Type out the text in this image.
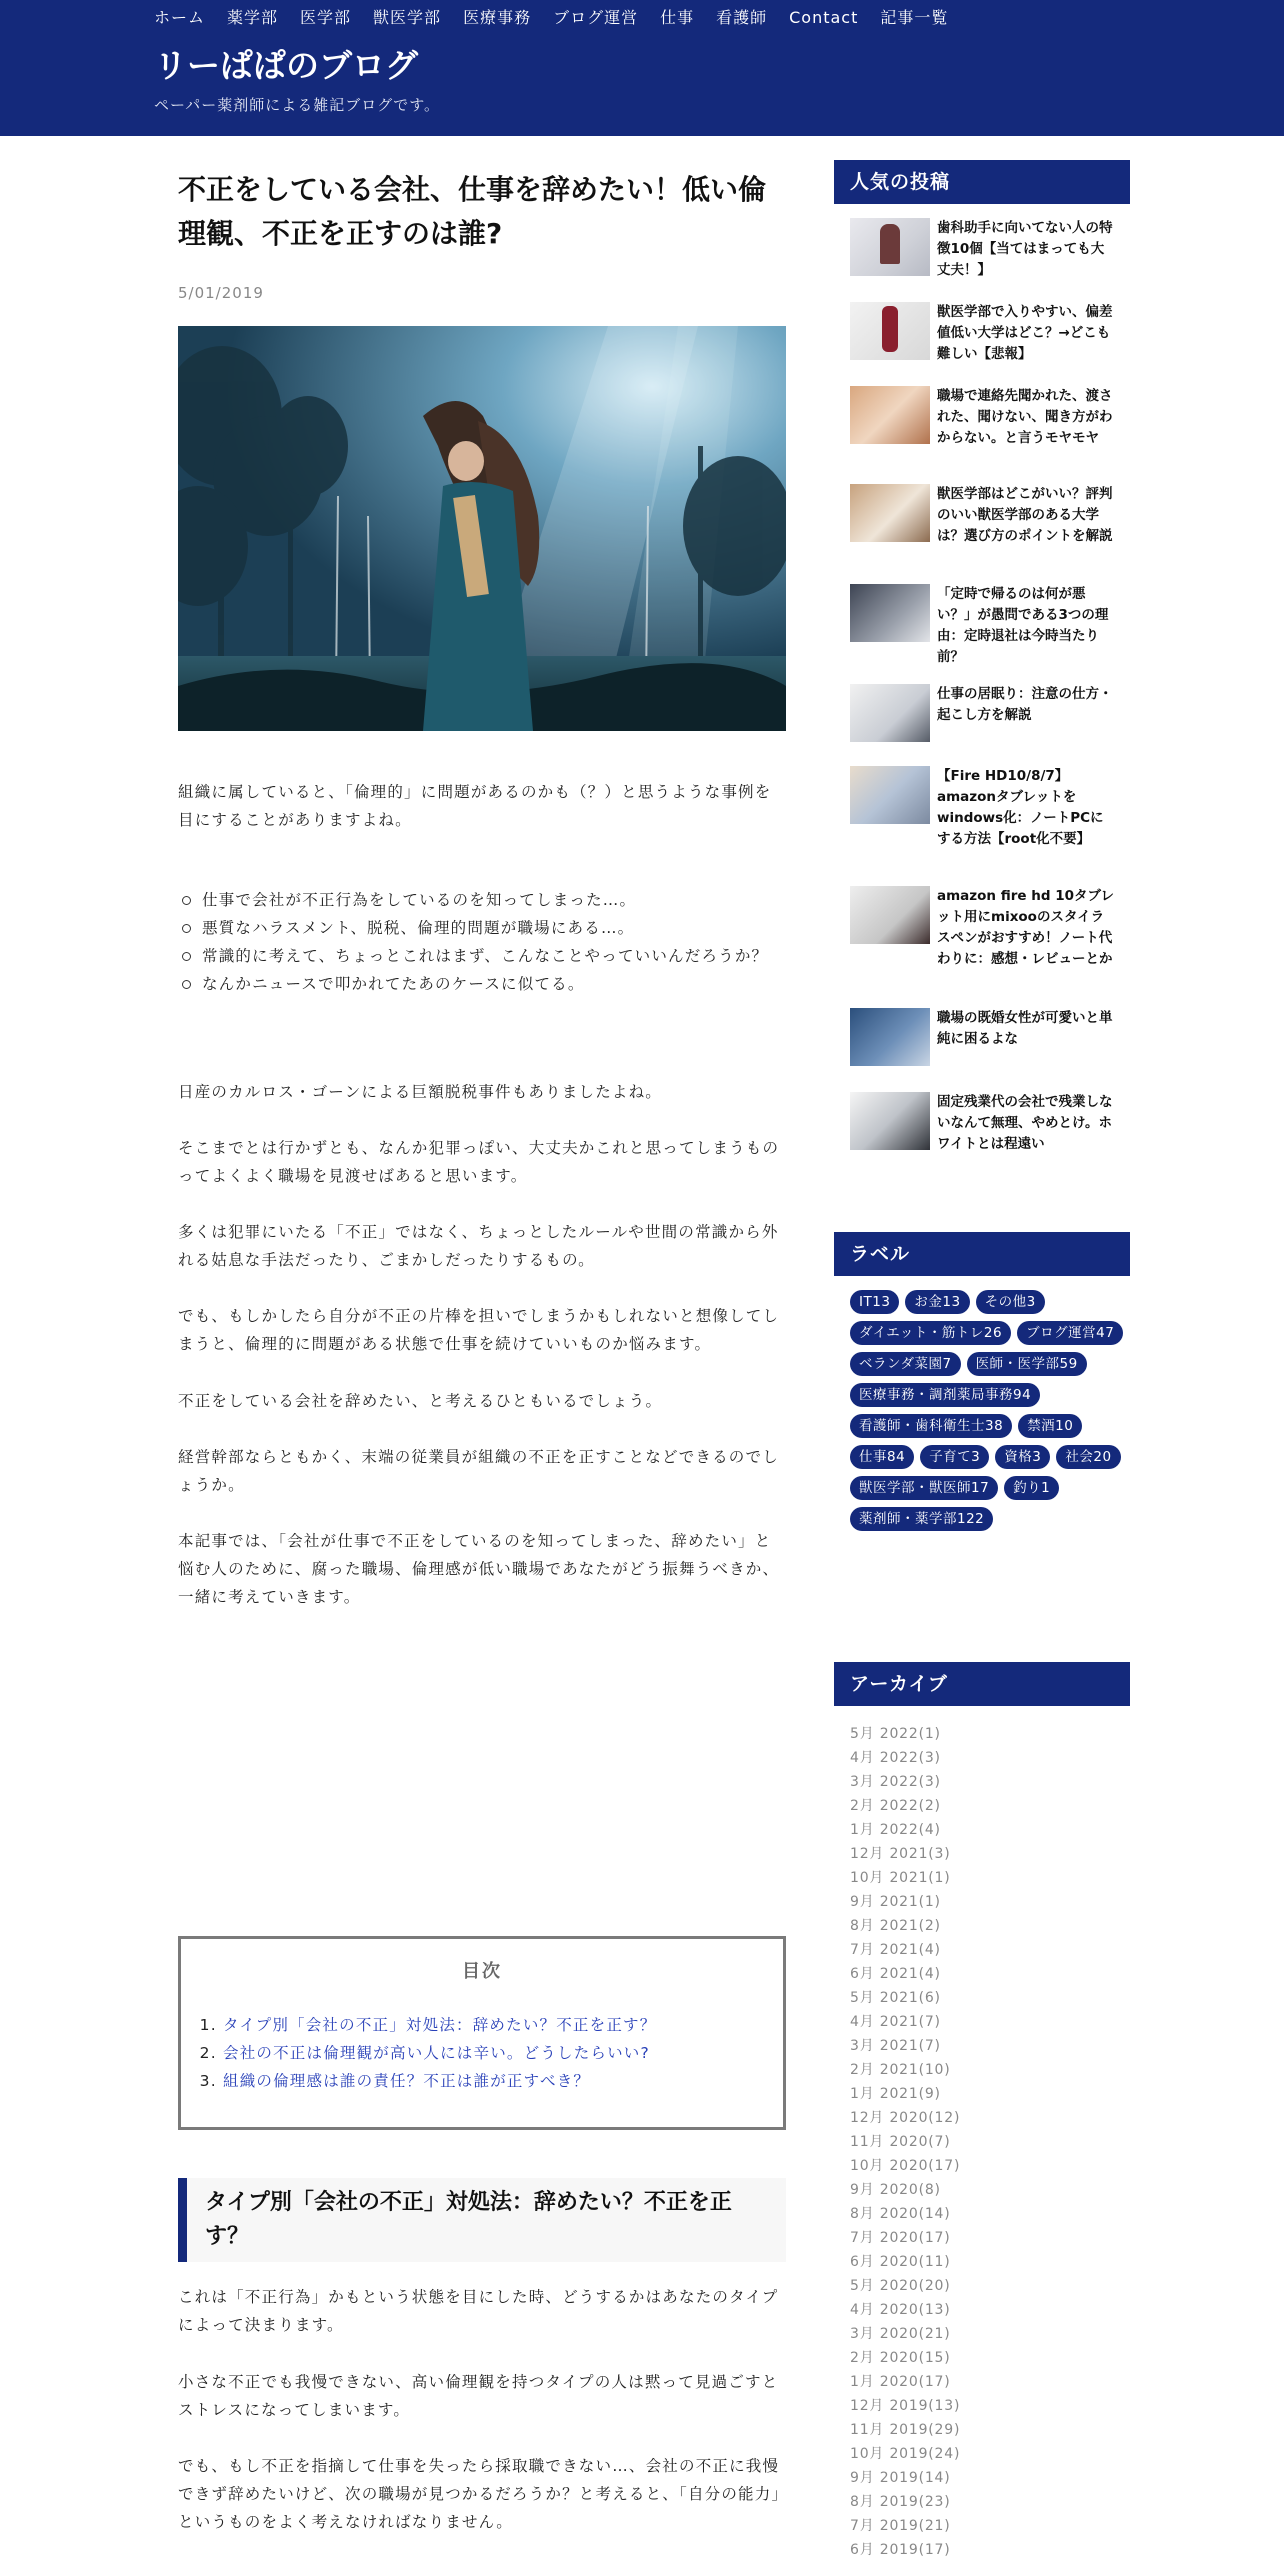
ホーム 薬学部 医学部 獣医学部 医療事務 ブログ運営 仕事 看護師 Contact 記事一覧
リーぱぱのブログ
ペーパー薬剤師による雑記ブログです。
不正をしている会社、仕事を辞めたい！低い倫理観、不正を正すのは誰?
5/01/2019
組織に属していると、「倫理的」に問題があるのかも（？）と思うような事例を目にすることがありますよね。
仕事で会社が不正行為をしているのを知ってしまった…。
悪質なハラスメント、脱税、倫理的問題が職場にある…。
常識的に考えて、ちょっとこれはまず、こんなことやっていいんだろうか？
なんかニュースで叩かれてたあのケースに似てる。
日産のカルロス・ゴーンによる巨額脱税事件もありましたよね。
そこまでとは行かずとも、なんか犯罪っぽい、大丈夫かこれと思ってしまうものってよくよく職場を見渡せばあると思います。
多くは犯罪にいたる「不正」ではなく、ちょっとしたルールや世間の常識から外れる姑息な手法だったり、ごまかしだったりするもの。
でも、もしかしたら自分が不正の片棒を担いでしまうかもしれないと想像してしまうと、倫理的に問題がある状態で仕事を続けていいものか悩みます。
不正をしている会社を辞めたい、と考えるひともいるでしょう。
経営幹部ならともかく、末端の従業員が組織の不正を正すことなどできるのでしょうか。
本記事では、「会社が仕事で不正をしているのを知ってしまった、辞めたい」と悩む人のために、腐った職場、倫理感が低い職場であなたがどう振舞うべきか、一緒に考えていきます。
目次
1. タイプ別「会社の不正」対処法：辞めたい？不正を正す？
2. 会社の不正は倫理観が高い人には辛い。どうしたらいい?
3. 組織の倫理感は誰の責任？不正は誰が正すべき？
タイプ別「会社の不正」対処法：辞めたい？不正を正す？
これは「不正行為」かもという状態を目にした時、どうするかはあなたのタイプによって決まります。
小さな不正でも我慢できない、高い倫理観を持つタイプの人は黙って見過ごすとストレスになってしまいます。
でも、もし不正を指摘して仕事を失ったら採取職できない…、会社の不正に我慢できず辞めたいけど、次の職場が見つかるだろうか？と考えると、「自分の能力」というものをよく考えなければなりません。
人気の投稿
歯科助手に向いてない人の特徴10個【当てはまっても大丈夫！】
獣医学部で入りやすい、偏差値低い大学はどこ？→どこも難しい【悲報】
職場で連絡先聞かれた、渡された、聞けない、聞き方がわからない。と言うモヤモヤ
獣医学部はどこがいい？評判のいい獣医学部のある大学は？選び方のポイントを解説
「定時で帰るのは何が悪い？」が愚問である3つの理由：定時退社は今時当たり前？
仕事の居眠り：注意の仕方・起こし方を解説
【Fire HD10/8/7】amazonタブレットをwindows化：ノートPCにする方法【root化不要】
amazon fire hd 10タブレット用にmixooのスタイラスペンがおすすめ！ノート代わりに：感想・レビューとか
職場の既婚女性が可愛いと単純に困るよな
固定残業代の会社で残業しないなんて無理、やめとけ。ホワイトとは程遠い
ラベル
IT13	お金13	その他3
ダイエット・筋トレ26	ブログ運営47
ベランダ菜園7	医師・医学部59
医療事務・調剤薬局事務94
看護師・歯科衛生士38	禁酒10
仕事84	子育て3	資格3	社会20
獣医学部・獣医師17	釣り1
薬剤師・薬学部122
アーカイブ
5月 2022(1)
4月 2022(3)
3月 2022(3)
2月 2022(2)
1月 2022(4)
12月 2021(3)
10月 2021(1)
9月 2021(1)
8月 2021(2)
7月 2021(4)
6月 2021(4)
5月 2021(6)
4月 2021(7)
3月 2021(7)
2月 2021(10)
1月 2021(9)
12月 2020(12)
11月 2020(7)
10月 2020(17)
9月 2020(8)
8月 2020(14)
7月 2020(17)
6月 2020(11)
5月 2020(20)
4月 2020(13)
3月 2020(21)
2月 2020(15)
1月 2020(17)
12月 2019(13)
11月 2019(29)
10月 2019(24)
9月 2019(14)
8月 2019(23)
7月 2019(21)
6月 2019(17)
